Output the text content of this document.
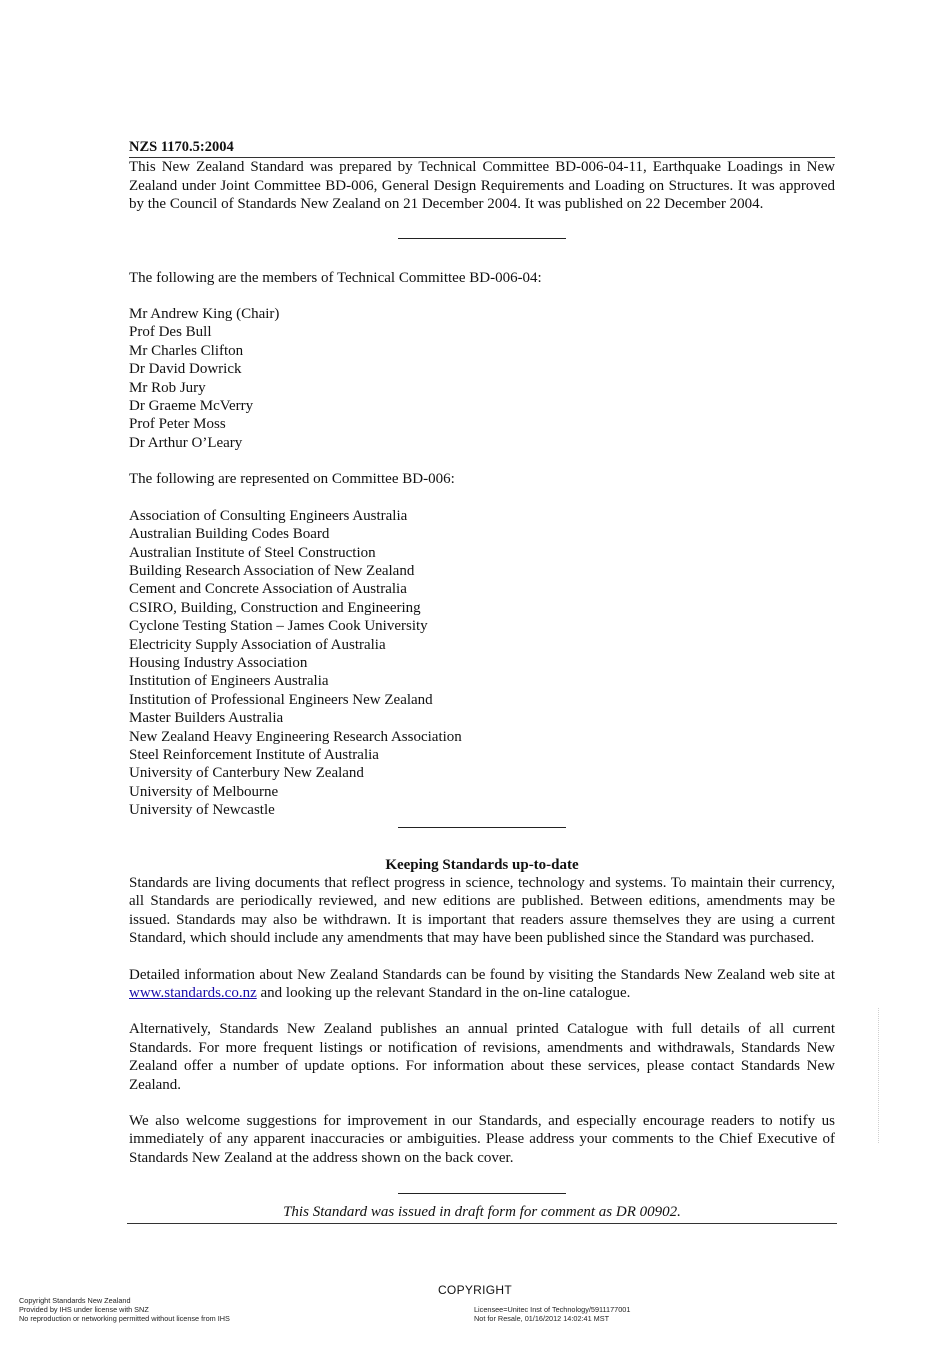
NZS 1170.5:2004

This New Zealand Standard was prepared by Technical Committee BD-006-04-11, Earthquake Loadings in New Zealand under Joint Committee BD-006, General Design Requirements and Loading on Structures. It was approved by the Council of Standards New Zealand on 21 December 2004. It was published on 22 December 2004.

The following are the members of Technical Committee BD-006-04:

Mr Andrew King (Chair)
Prof Des Bull
Mr Charles Clifton
Dr David Dowrick
Mr Rob Jury
Dr Graeme McVerry
Prof Peter Moss
Dr Arthur O’Leary

The following are represented on Committee BD-006:

Association of Consulting Engineers Australia
Australian Building Codes Board
Australian Institute of Steel Construction
Building Research Association of New Zealand
Cement and Concrete Association of Australia
CSIRO, Building, Construction and Engineering
Cyclone Testing Station – James Cook University
Electricity Supply Association of Australia
Housing Industry Association
Institution of Engineers Australia
Institution of Professional Engineers New Zealand
Master Builders Australia
New Zealand Heavy Engineering Research Association
Steel Reinforcement Institute of Australia
University of Canterbury New Zealand
University of Melbourne
University of Newcastle

Keeping Standards up-to-date

Standards are living documents that reflect progress in science, technology and systems. To maintain their currency, all Standards are periodically reviewed, and new editions are published. Between editions, amendments may be issued. Standards may also be withdrawn. It is important that readers assure themselves they are using a current Standard, which should include any amendments that may have been published since the Standard was purchased.

Detailed information about New Zealand Standards can be found by visiting the Standards New Zealand web site at www.standards.co.nz and looking up the relevant Standard in the on-line catalogue.

Alternatively, Standards New Zealand publishes an annual printed Catalogue with full details of all current Standards. For more frequent listings or notification of revisions, amendments and withdrawals, Standards New Zealand offer a number of update options. For information about these services, please contact Standards New Zealand.

We also welcome suggestions for improvement in our Standards, and especially encourage readers to notify us immediately of any apparent inaccuracies or ambiguities. Please address your comments to the Chief Executive of Standards New Zealand at the address shown on the back cover.

This Standard was issued in draft form for comment as DR 00902.

COPYRIGHT
Copyright Standards New Zealand
Provided by IHS under license with SNZ
No reproduction or networking permitted without license from IHS
Licensee=Unitec Inst of Technology/5911177001
Not for Resale, 01/16/2012 14:02:41 MST
